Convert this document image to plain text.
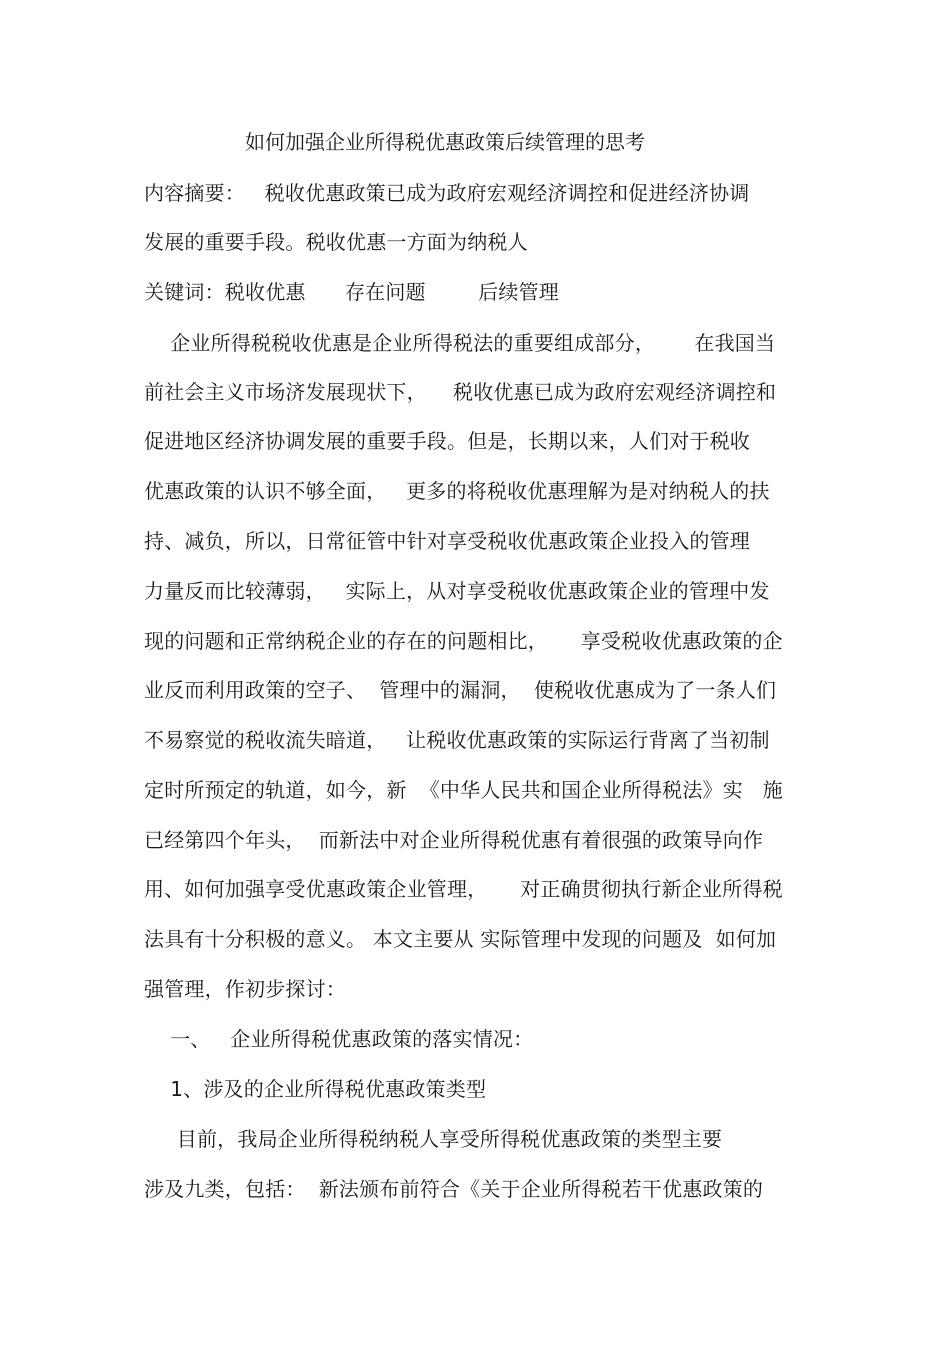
如何加强企业所得税优惠政策后续管理的思考
内容摘要：   税收优惠政策已成为政府宏观经济调控和促进经济协调
发展的重要手段。税收优惠一方面为纳税人
关键词：税收优惠      存在问题        后续管理
企业所得税税收优惠是企业所得税法的重要组成部分，      在我国当
前社会主义市场济发展现状下，    税收优惠已成为政府宏观经济调控和
促进地区经济协调发展的重要手段。但是，长期以来，人们对于税收
优惠政策的认识不够全面，   更多的将税收优惠理解为是对纳税人的扶
持、减负，所以，日常征管中针对享受税收优惠政策企业投入的管理
力量反而比较薄弱，   实际上，从对享受税收优惠政策企业的管理中发
现的问题和正常纳税企业的存在的问题相比，     享受税收优惠政策的企
业反而利用政策的空子、  管理中的漏洞，  使税收优惠成为了一条人们
不易察觉的税收流失暗道，   让税收优惠政策的实际运行背离了当初制
定时所预定的轨道，如今，新  《中华人民共和国企业所得税法》实   施
已经第四个年头，  而新法中对企业所得税优惠有着很强的政策导向作
用、如何加强享受优惠政策企业管理，     对正确贯彻执行新企业所得税
法具有十分积极的意义。 本文主要从 实际管理中发现的问题及  如何加
强管理，作初步探讨：
一、   企业所得税优惠政策的落实情况：
1、涉及的企业所得税优惠政策类型
目前，我局企业所得税纳税人享受所得税优惠政策的类型主要
涉及九类，包括：  新法颁布前符合《关于企业所得税若干优惠政策的
